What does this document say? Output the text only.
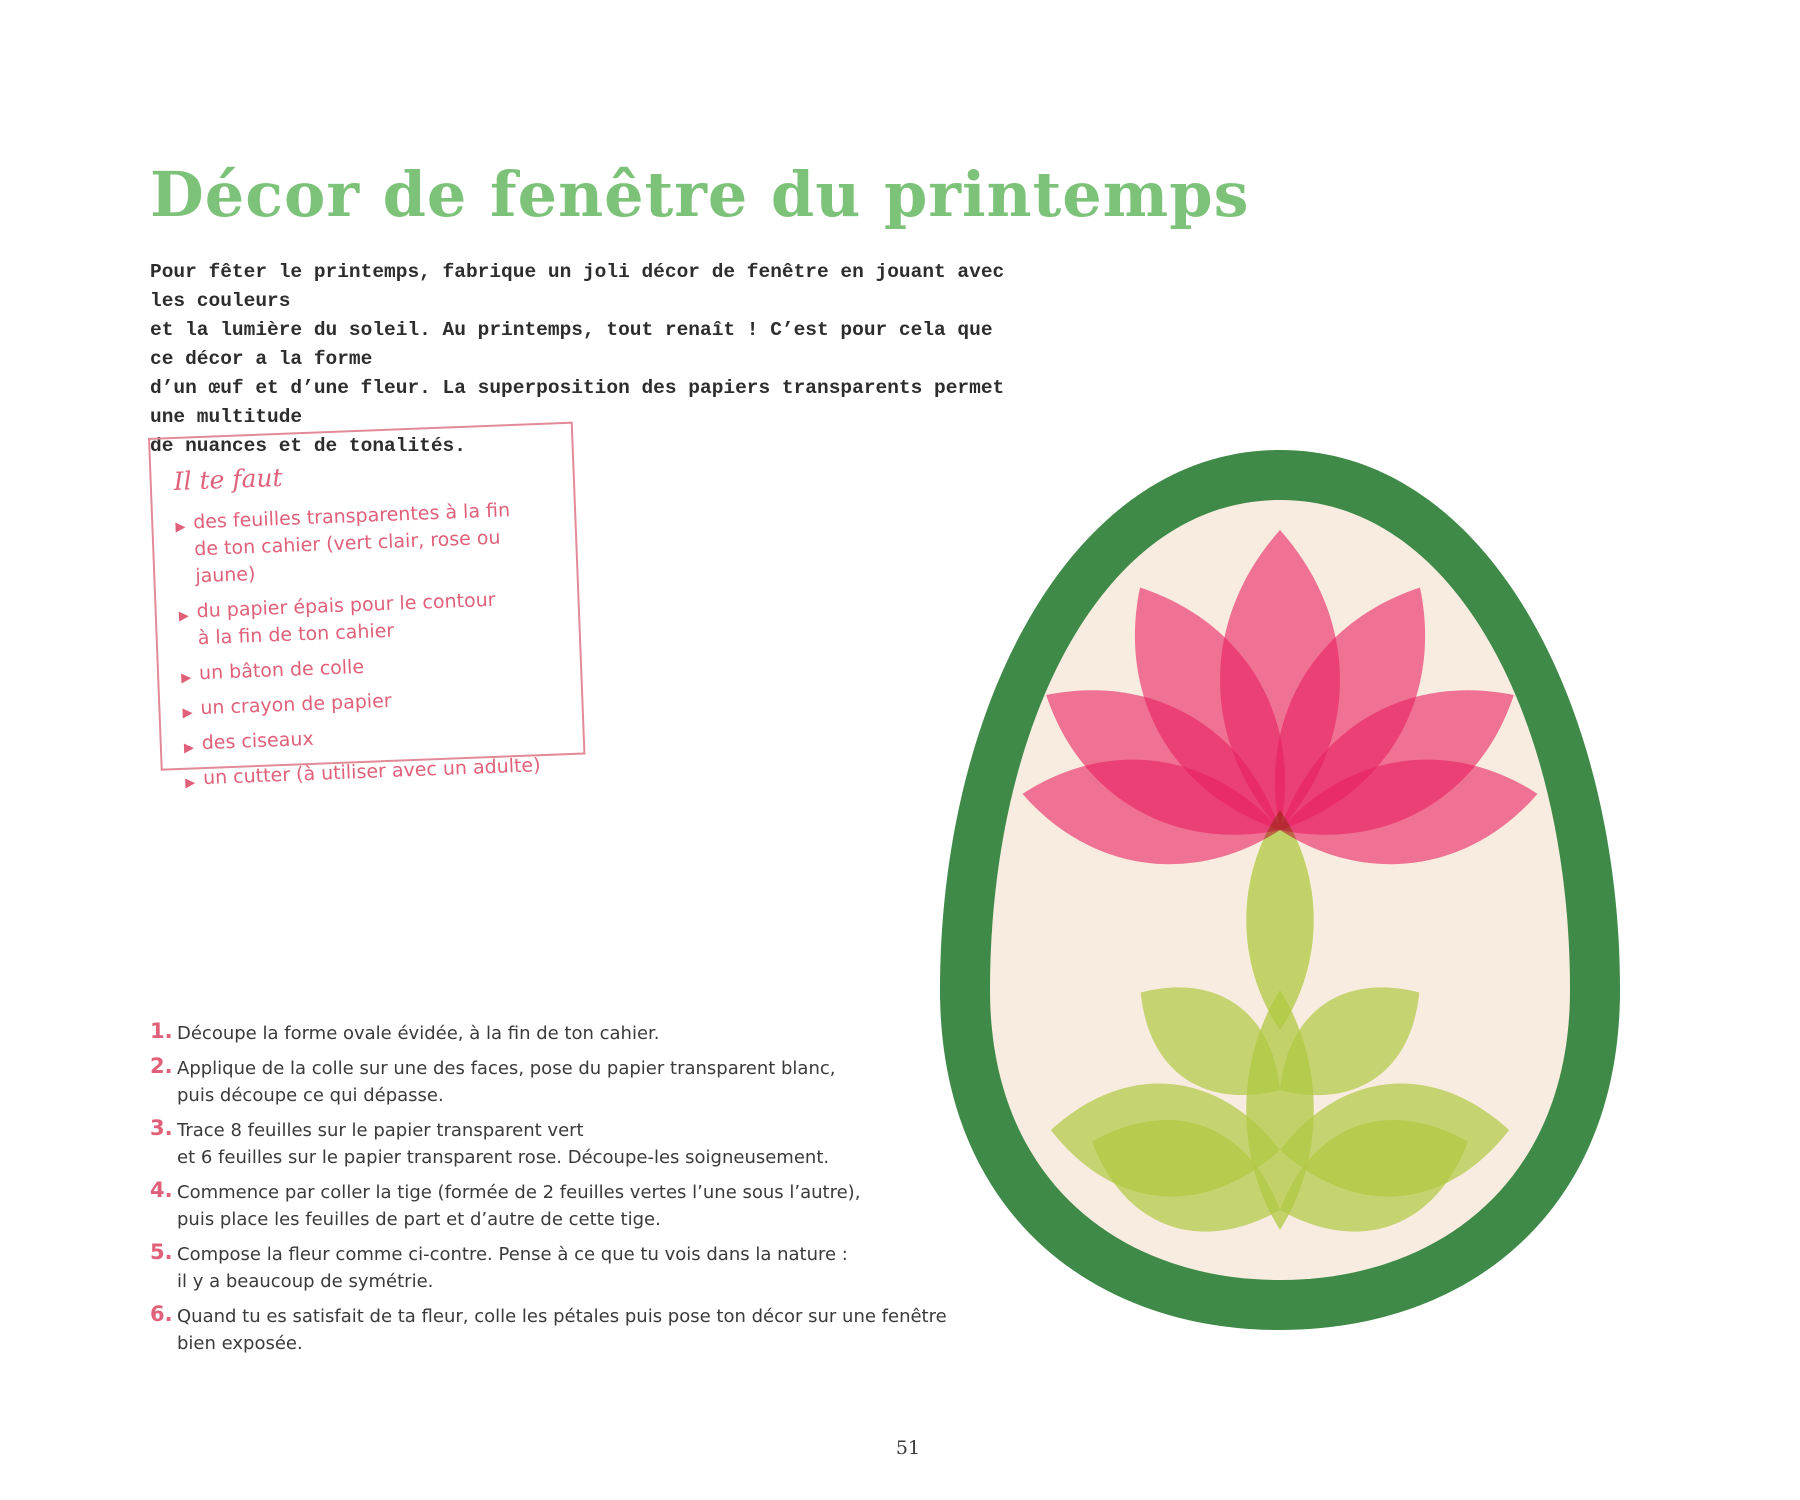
Décor de fenêtre du printemps

Pour fêter le printemps, fabrique un joli décor de fenêtre en jouant avec les couleurs
et la lumière du soleil. Au printemps, tout renaît ! C’est pour cela que ce décor a la forme
d’un œuf et d’une fleur. La superposition des papiers transparents permet une multitude
de nuances et de tonalités.

Il te faut
▶ des feuilles transparentes à la fin
de ton cahier (vert clair, rose ou jaune)
▶ du papier épais pour le contour
à la fin de ton cahier
▶ un bâton de colle
▶ un crayon de papier
▶ des ciseaux
▶ un cutter (à utiliser avec un adulte)
1. Découpe la forme ovale évidée, à la fin de ton cahier.
2. Applique de la colle sur une des faces, pose du papier transparent blanc,
puis découpe ce qui dépasse.
3. Trace 8 feuilles sur le papier transparent vert
et 6 feuilles sur le papier transparent rose. Découpe-les soigneusement.
4. Commence par coller la tige (formée de 2 feuilles vertes l’une sous l’autre),
puis place les feuilles de part et d’autre de cette tige.
5. Compose la fleur comme ci-contre. Pense à ce que tu vois dans la nature :
il y a beaucoup de symétrie.
6. Quand tu es satisfait de ta fleur, colle les pétales puis pose ton décor sur une fenêtre
bien exposée.
51
